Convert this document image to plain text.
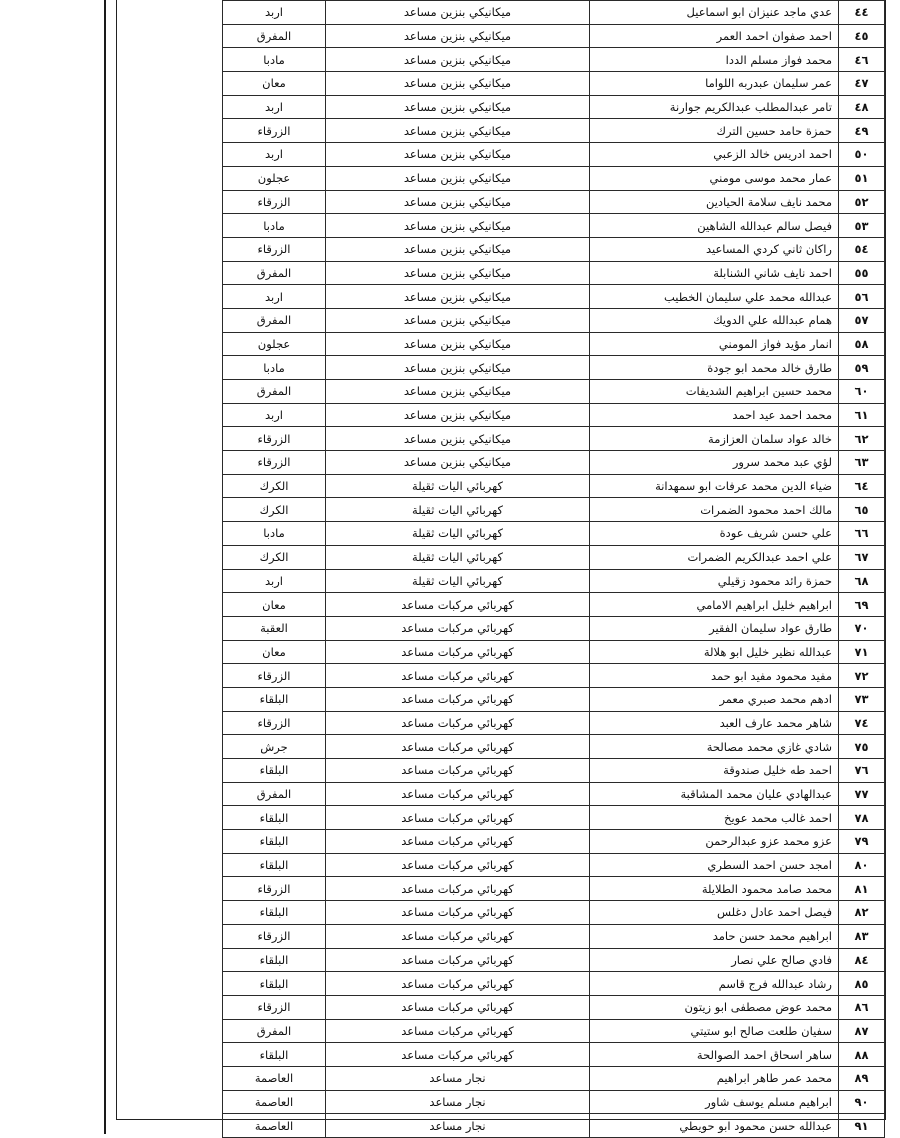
٤٤	عدي ماجد عنيزان ابو اسماعيل	ميكانيكي بنزين مساعد	اربد
٤٥	احمد صفوان احمد العمر	ميكانيكي بنزين مساعد	المفرق
٤٦	محمد فواز مسلم الددا	ميكانيكي بنزين مساعد	مادبا
٤٧	عمر سليمان عبدربه اللواما	ميكانيكي بنزين مساعد	معان
٤٨	تامر عبدالمطلب عبدالكريم جوارنة	ميكانيكي بنزين مساعد	اربد
٤٩	حمزة حامد حسين الترك	ميكانيكي بنزين مساعد	الزرقاء
٥٠	احمد ادريس خالد الزعبي	ميكانيكي بنزين مساعد	اربد
٥١	عمار محمد موسى مومني	ميكانيكي بنزين مساعد	عجلون
٥٢	محمد نايف سلامة الحيادين	ميكانيكي بنزين مساعد	الزرقاء
٥٣	فيصل سالم عبدالله الشاهين	ميكانيكي بنزين مساعد	مادبا
٥٤	راكان ثاني كردي المساعيد	ميكانيكي بنزين مساعد	الزرقاء
٥٥	احمد نايف شاني الشنابلة	ميكانيكي بنزين مساعد	المفرق
٥٦	عبدالله محمد علي سليمان الخطيب	ميكانيكي بنزين مساعد	اربد
٥٧	همام عبدالله علي الدويك	ميكانيكي بنزين مساعد	المفرق
٥٨	انمار مؤيد فواز المومني	ميكانيكي بنزين مساعد	عجلون
٥٩	طارق خالد محمد ابو جودة	ميكانيكي بنزين مساعد	مادبا
٦٠	محمد حسين ابراهيم الشديفات	ميكانيكي بنزين مساعد	المفرق
٦١	محمد احمد عيد احمد	ميكانيكي بنزين مساعد	اربد
٦٢	خالد عواد سلمان العزازمة	ميكانيكي بنزين مساعد	الزرقاء
٦٣	لؤي عبد محمد سرور	ميكانيكي بنزين مساعد	الزرقاء
٦٤	ضياء الدين محمد عرفات ابو سمهدانة	كهربائي اليات ثقيلة	الكرك
٦٥	مالك احمد محمود الضمرات	كهربائي اليات ثقيلة	الكرك
٦٦	علي حسن شريف عودة	كهربائي اليات ثقيلة	مادبا
٦٧	علي احمد عبدالكريم الضمرات	كهربائي اليات ثقيلة	الكرك
٦٨	حمزة رائد محمود زقيلي	كهربائي اليات ثقيلة	اربد
٦٩	ابراهيم خليل ابراهيم الامامي	كهربائي مركبات مساعد	معان
٧٠	طارق عواد سليمان الفقير	كهربائي مركبات مساعد	العقبة
٧١	عبدالله نظير خليل ابو هلالة	كهربائي مركبات مساعد	معان
٧٢	مفيد محمود مفيد ابو حمد	كهربائي مركبات مساعد	الزرقاء
٧٣	ادهم محمد صبري معمر	كهربائي مركبات مساعد	البلقاء
٧٤	شاهر محمد عارف العبد	كهربائي مركبات مساعد	الزرقاء
٧٥	شادي غازي محمد مصالحة	كهربائي مركبات مساعد	جرش
٧٦	احمد طه خليل صندوقة	كهربائي مركبات مساعد	البلقاء
٧٧	عبدالهادي عليان محمد المشاقبة	كهربائي مركبات مساعد	المفرق
٧٨	احمد غالب محمد عويخ	كهربائي مركبات مساعد	البلقاء
٧٩	عزو محمد عزو عبدالرحمن	كهربائي مركبات مساعد	البلقاء
٨٠	امجد حسن احمد السطري	كهربائي مركبات مساعد	البلقاء
٨١	محمد صامد محمود الطلايلة	كهربائي مركبات مساعد	الزرقاء
٨٢	فيصل احمد عادل دغلس	كهربائي مركبات مساعد	البلقاء
٨٣	ابراهيم محمد حسن حامد	كهربائي مركبات مساعد	الزرقاء
٨٤	فادي صالح علي نصار	كهربائي مركبات مساعد	البلقاء
٨٥	رشاد عبدالله فرج قاسم	كهربائي مركبات مساعد	البلقاء
٨٦	محمد عوض مصطفى ابو زيتون	كهربائي مركبات مساعد	الزرقاء
٨٧	سفيان طلعت صالح ابو ستيتي	كهربائي مركبات مساعد	المفرق
٨٨	ساهر اسحاق احمد الصوالحة	كهربائي مركبات مساعد	البلقاء
٨٩	محمد عمر طاهر ابراهيم	نجار مساعد	العاصمة
٩٠	ابراهيم مسلم يوسف شاور	نجار مساعد	العاصمة
٩١	عبدالله حسن محمود ابو حويطي	نجار مساعد	العاصمة
